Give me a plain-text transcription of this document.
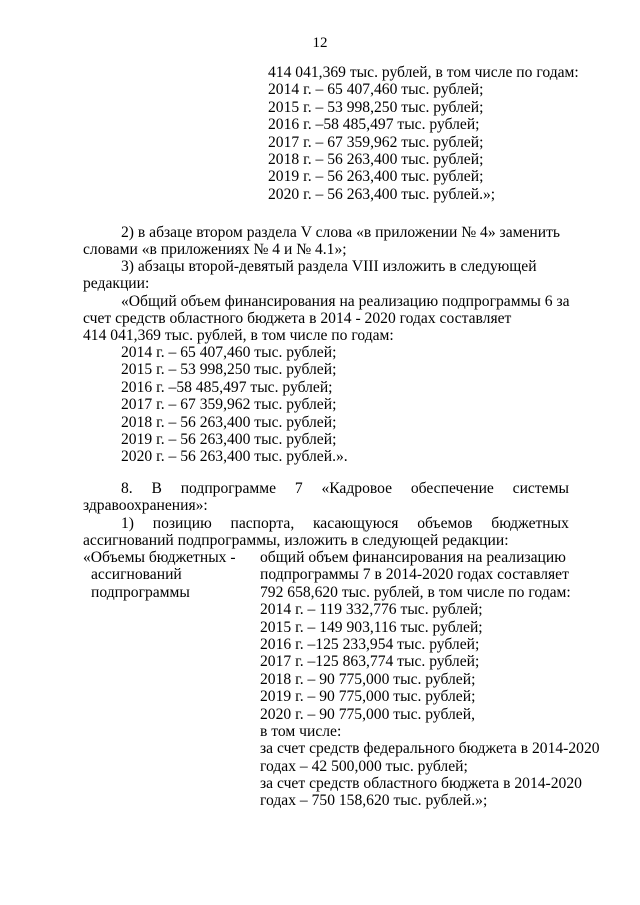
12
414 041,369 тыс. рублей, в том числе по годам:
2014 г. – 65 407,460 тыс. рублей;
2015 г. – 53 998,250 тыс. рублей;
2016 г. –58 485,497 тыс. рублей;
2017 г. – 67 359,962 тыс. рублей;
2018 г. – 56 263,400 тыс. рублей;
2019 г. – 56 263,400 тыс. рублей;
2020 г. – 56 263,400 тыс. рублей.»;
2) в абзаце втором раздела V слова «в приложении № 4» заменить
словами «в приложениях № 4 и № 4.1»;
3) абзацы второй-девятый раздела VIII изложить в следующей
редакции:
«Общий объем финансирования на реализацию подпрограммы 6 за
счет средств областного бюджета в 2014 - 2020 годах составляет
414 041,369 тыс. рублей, в том числе по годам:
2014 г. – 65 407,460 тыс. рублей;
2015 г. – 53 998,250 тыс. рублей;
2016 г. –58 485,497 тыс. рублей;
2017 г. – 67 359,962 тыс. рублей;
2018 г. – 56 263,400 тыс. рублей;
2019 г. – 56 263,400 тыс. рублей;
2020 г. – 56 263,400 тыс. рублей.».
8. В подпрограмме 7 «Кадровое обеспечение системы
здравоохранения»:
1) позицию паспорта, касающуюся объемов бюджетных
ассигнований подпрограммы, изложить в следующей редакции:
«Объемы бюджетных -
ассигнований
подпрограммы
общий объем финансирования на реализацию
подпрограммы 7 в 2014-2020 годах составляет
792 658,620 тыс. рублей, в том числе по годам:
2014 г. – 119 332,776 тыс. рублей;
2015 г. – 149 903,116 тыс. рублей;
2016 г. –125 233,954 тыс. рублей;
2017 г. –125 863,774 тыс. рублей;
2018 г. – 90 775,000 тыс. рублей;
2019 г. – 90 775,000 тыс. рублей;
2020 г. – 90 775,000 тыс. рублей,
в том числе:
за счет средств федерального бюджета в 2014-2020
годах – 42 500,000 тыс. рублей;
за счет средств областного бюджета в 2014-2020
годах – 750 158,620 тыс. рублей.»;
